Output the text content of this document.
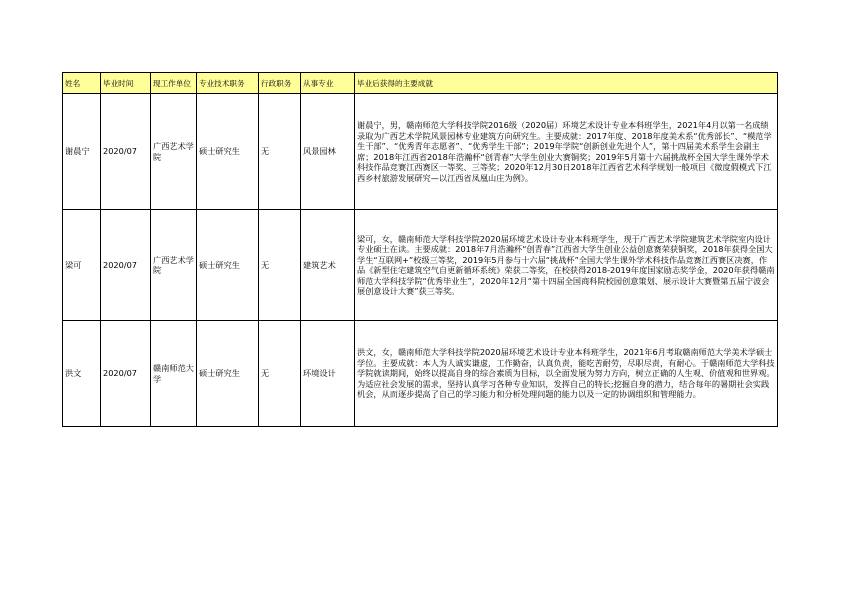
姓名	毕业时间	现工作单位	专业技术职务	行政职务	从事专业	毕业后获得的主要成就
谢晨宁	2020/07	广西艺术学院	硕士研究生	无	风景园林	谢晨宁，男，赣南师范大学科技学院2016级（2020届）环境艺术设计专业本科班学生，2021年4月以第一名成绩录取为广西艺术学院风景园林专业建筑方向研究生。主要成就：2017年度、2018年度美术系“优秀部长”、“模范学生干部”、“优秀青年志愿者”、“优秀学生干部”；2019年学院“创新创业先进个人”，第十四届美术系学生会副主席；2018年江西省2018年浩瀚杯“创青春”大学生创业大赛铜奖；2019年5月第十六届挑战杯全国大学生课外学术科技作品竞赛江西赛区一等奖、三等奖；2020年12月30日2018年江西省艺术科学规划一般项目《微度假模式下江西乡村旅游发展研究—以江西省凤凰山庄为例》。
梁可	2020/07	广西艺术学院	硕士研究生	无	建筑艺术	梁可，女，赣南师范大学科技学院2020届环境艺术设计专业本科班学生，现于广西艺术学院建筑艺术学院室内设计专业硕士在读。主要成就：2018年7月浩瀚杯“创青春”江西省大学生创业公益创意赛荣获铜奖，2018年获得全国大学生“互联网+”校级三等奖，2019年5月参与十六届“挑战杯”全国大学生课外学术科技作品竞赛江西赛区决赛，作品《新型住宅建筑空气自更新循环系统》荣获二等奖，在校获得2018-2019年度国家励志奖学金，2020年获得赣南师范大学科技学院“优秀毕业生”，2020年12月“第十四届全国商科院校园创意策划、展示设计大赛暨第五届宁波会展创意设计大赛”获三等奖。
洪文	2020/07	赣南师范大学	硕士研究生	无	环境设计	洪文，女，赣南师范大学科技学院2020届环境艺术设计专业本科班学生，2021年6月考取赣南师范大学美术学硕士学位。主要成就：本人为人诚实谦虚，工作勤奋，认真负责，能吃苦耐劳，尽职尽责，有耐心。于赣南师范大学科技学院就读期间，始终以提高自身的综合素质为目标，以全面发展为努力方向，树立正确的人生观、价值观和世界观。为适应社会发展的需求，坚持认真学习各种专业知识，发挥自己的特长;挖掘自身的潜力，结合每年的暑期社会实践机会，从而逐步提高了自己的学习能力和分析处理问题的能力以及一定的协调组织和管理能力。
